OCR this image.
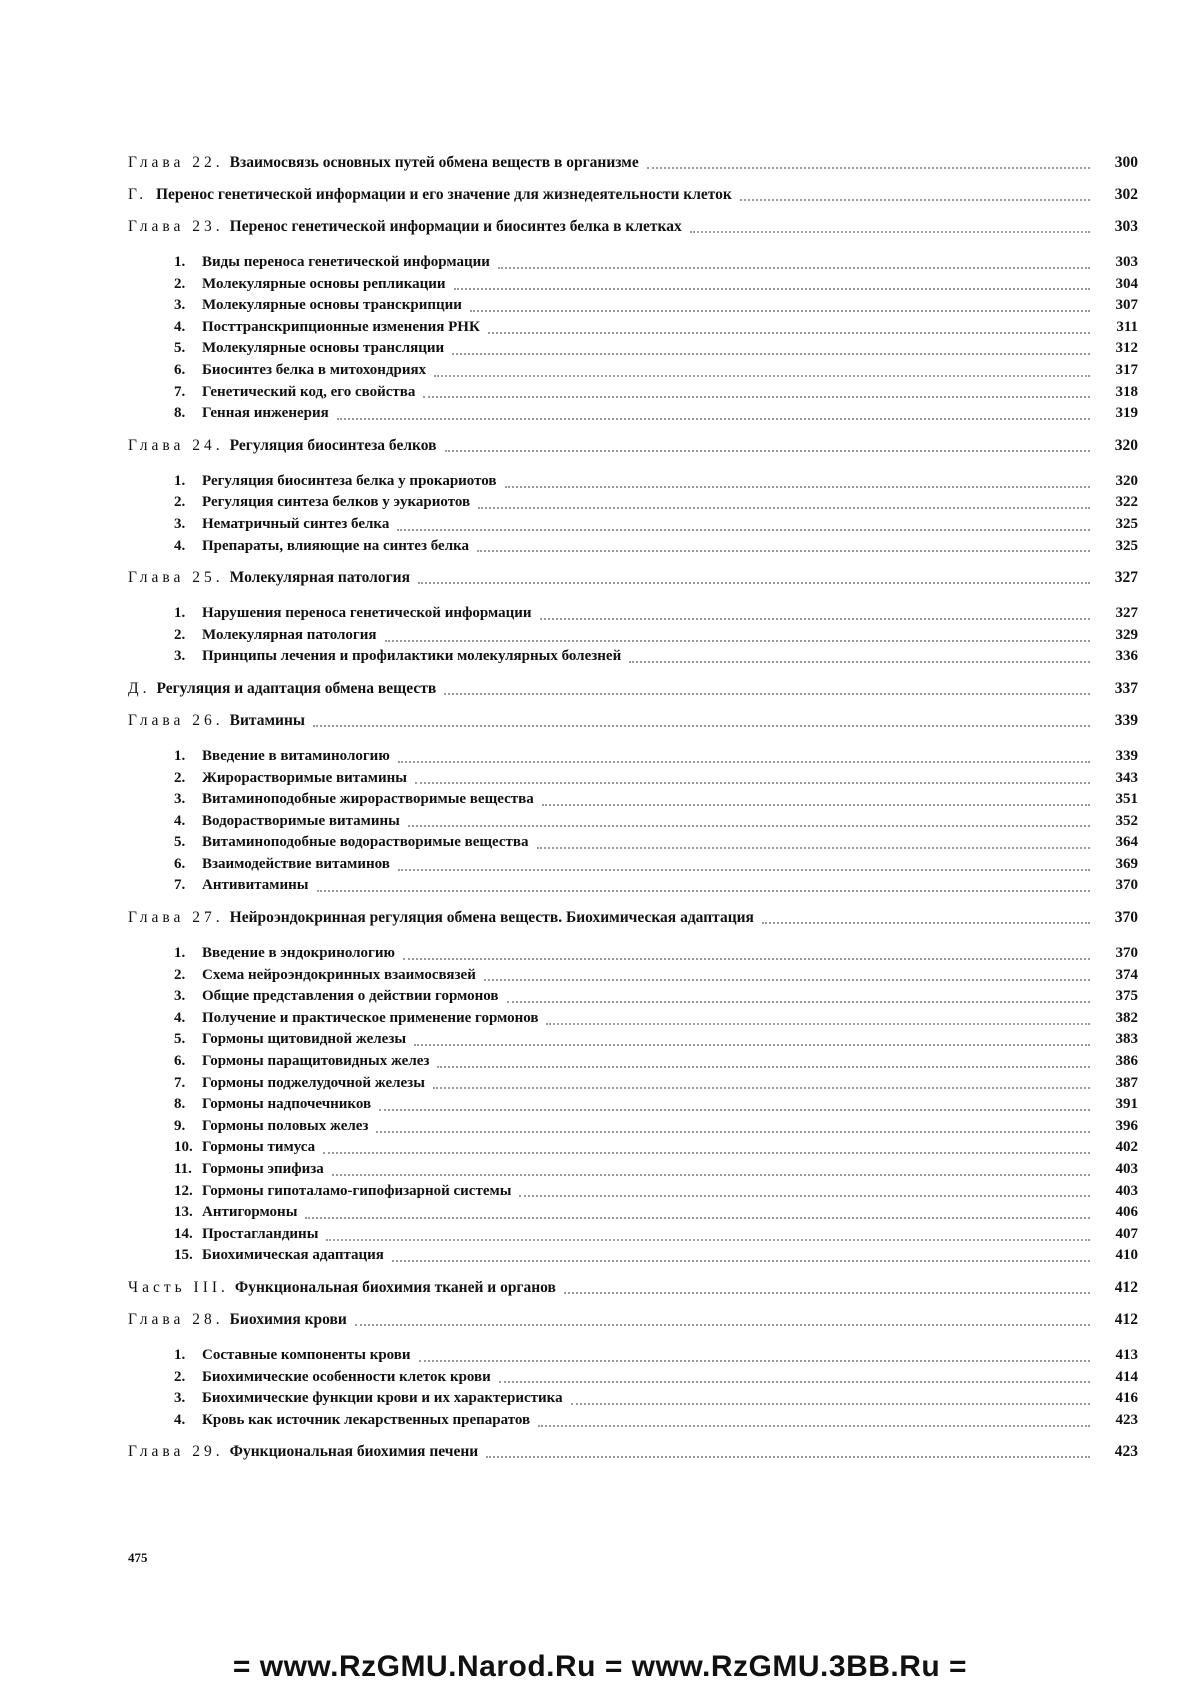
Глава 22. Взаимосвязь основных путей обмена веществ в организме	300
Г. Перенос генетической информации и его значение для жизнедеятельности клеток	302
Глава 23. Перенос генетической информации и биосинтез белка в клетках	303
1.	Виды переноса генетической информации	303
2.	Молекулярные основы репликации	304
3.	Молекулярные основы транскрипции	307
4.	Посттранскрипционные изменения РНК	311
5.	Молекулярные основы трансляции	312
6.	Биосинтез белка в митохондриях	317
7.	Генетический код, его свойства	318
8.	Генная инженерия	319
Глава 24. Регуляция биосинтеза белков	320
1.	Регуляция биосинтеза белка у прокариотов	320
2.	Регуляция синтеза белков у эукариотов	322
3.	Нематричный синтез белка	325
4.	Препараты, влияющие на синтез белка	325
Глава 25. Молекулярная патология	327
1.	Нарушения переноса генетической информации	327
2.	Молекулярная патология	329
3.	Принципы лечения и профилактики молекулярных болезней	336
Д. Регуляция и адаптация обмена веществ	337
Глава 26. Витамины	339
1.	Введение в витаминологию	339
2.	Жирорастворимые витамины	343
3.	Витаминоподобные жирорастворимые вещества	351
4.	Водорастворимые витамины	352
5.	Витаминоподобные водорастворимые вещества	364
6.	Взаимодействие витаминов	369
7.	Антивитамины	370
Глава 27. Нейроэндокринная регуляция обмена веществ. Биохимическая адаптация	370
1.	Введение в эндокринологию	370
2.	Схема нейроэндокринных взаимосвязей	374
3.	Общие представления о действии гормонов	375
4.	Получение и практическое применение гормонов	382
5.	Гормоны щитовидной железы	383
6.	Гормоны паращитовидных желез	386
7.	Гормоны поджелудочной железы	387
8.	Гормоны надпочечников	391
9.	Гормоны половых желез	396
10. Гормоны тимуса	402
11. Гормоны эпифиза	403
12. Гормоны гипоталамо-гипофизарной системы	403
13. Антигормоны	406
14. Простагландины	407
15. Биохимическая адаптация	410
Часть III. Функциональная биохимия тканей и органов	412
Глава 28. Биохимия крови	412
1.	Составные компоненты крови	413
2.	Биохимические особенности клеток крови	414
3.	Биохимические функции крови и их характеристика	416
4.	Кровь как источник лекарственных препаратов	423
Глава 29. Функциональная биохимия печени	423
475
= www.RzGMU.Narod.Ru = www.RzGMU.3BB.Ru =
